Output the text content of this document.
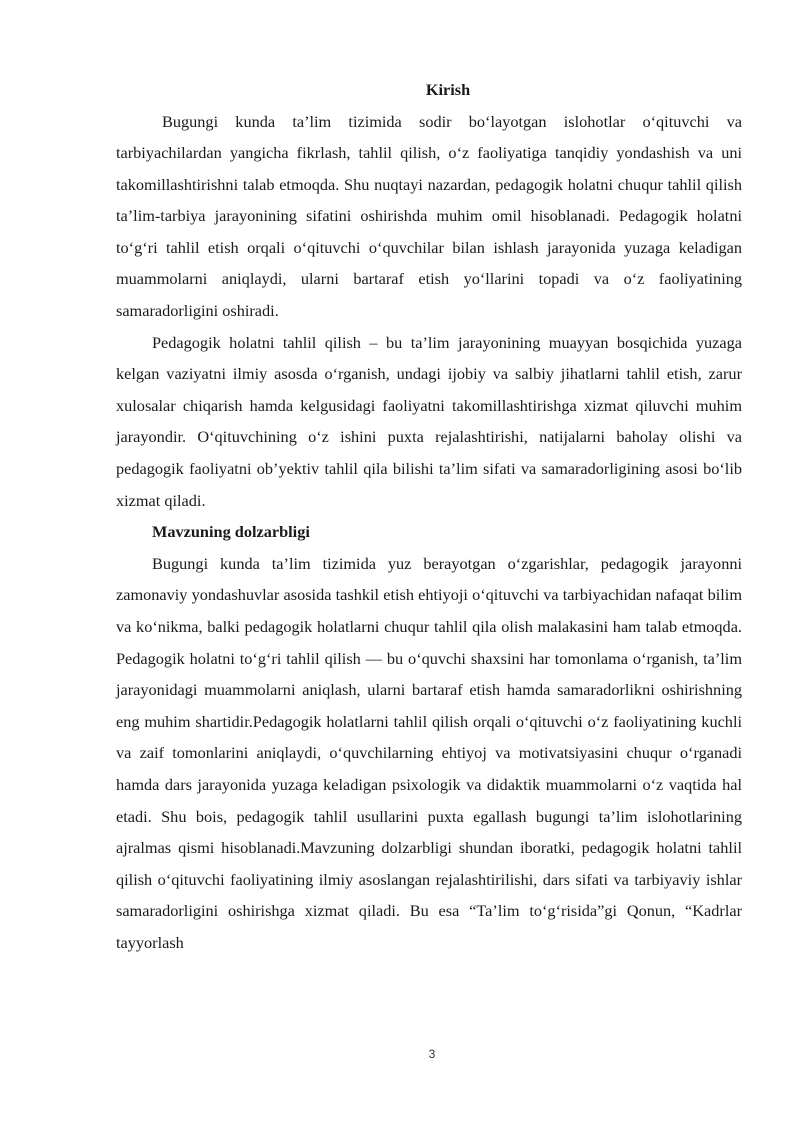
Kirish

Bugungi kunda ta’lim tizimida sodir bo‘layotgan islohotlar o‘qituvchi va tarbiyachilardan yangicha fikrlash, tahlil qilish, o‘z faoliyatiga tanqidiy yondashish va uni takomillashtirishni talab etmoqda. Shu nuqtayi nazardan, pedagogik holatni chuqur tahlil qilish ta’lim-tarbiya jarayonining sifatini oshirishda muhim omil hisoblanadi. Pedagogik holatni to‘g‘ri tahlil etish orqali o‘qituvchi o‘quvchilar bilan ishlash jarayonida yuzaga keladigan muammolarni aniqlaydi, ularni bartaraf etish yo‘llarini topadi va o‘z faoliyatining samaradorligini oshiradi.

Pedagogik holatni tahlil qilish – bu ta’lim jarayonining muayyan bosqichida yuzaga kelgan vaziyatni ilmiy asosda o‘rganish, undagi ijobiy va salbiy jihatlarni tahlil etish, zarur xulosalar chiqarish hamda kelgusidagi faoliyatni takomillashtirishga xizmat qiluvchi muhim jarayondir. O‘qituvchining o‘z ishini puxta rejalashtirishi, natijalarni baholay olishi va pedagogik faoliyatni ob’yektiv tahlil qila bilishi ta’lim sifati va samaradorligining asosi bo‘lib xizmat qiladi.

Mavzuning dolzarbligi

Bugungi kunda ta’lim tizimida yuz berayotgan o‘zgarishlar, pedagogik jarayonni zamonaviy yondashuvlar asosida tashkil etish ehtiyoji o‘qituvchi va tarbiyachidan nafaqat bilim va ko‘nikma, balki pedagogik holatlarni chuqur tahlil qila olish malakasini ham talab etmoqda. Pedagogik holatni to‘g‘ri tahlil qilish — bu o‘quvchi shaxsini har tomonlama o‘rganish, ta’lim jarayonidagi muammolarni aniqlash, ularni bartaraf etish hamda samaradorlikni oshirishning eng muhim shartidir.Pedagogik holatlarni tahlil qilish orqali o‘qituvchi o‘z faoliyatining kuchli va zaif tomonlarini aniqlaydi, o‘quvchilarning ehtiyoj va motivatsiyasini chuqur o‘rganadi hamda dars jarayonida yuzaga keladigan psixologik va didaktik muammolarni o‘z vaqtida hal etadi. Shu bois, pedagogik tahlil usullarini puxta egallash bugungi ta’lim islohotlarining ajralmas qismi hisoblanadi.Mavzuning dolzarbligi shundan iboratki, pedagogik holatni tahlil qilish o‘qituvchi faoliyatining ilmiy asoslangan rejalashtirilishi, dars sifati va tarbiyaviy ishlar samaradorligini oshirishga xizmat qiladi. Bu esa “Ta’lim to‘g‘risida”gi Qonun, “Kadrlar tayyorlash

3
